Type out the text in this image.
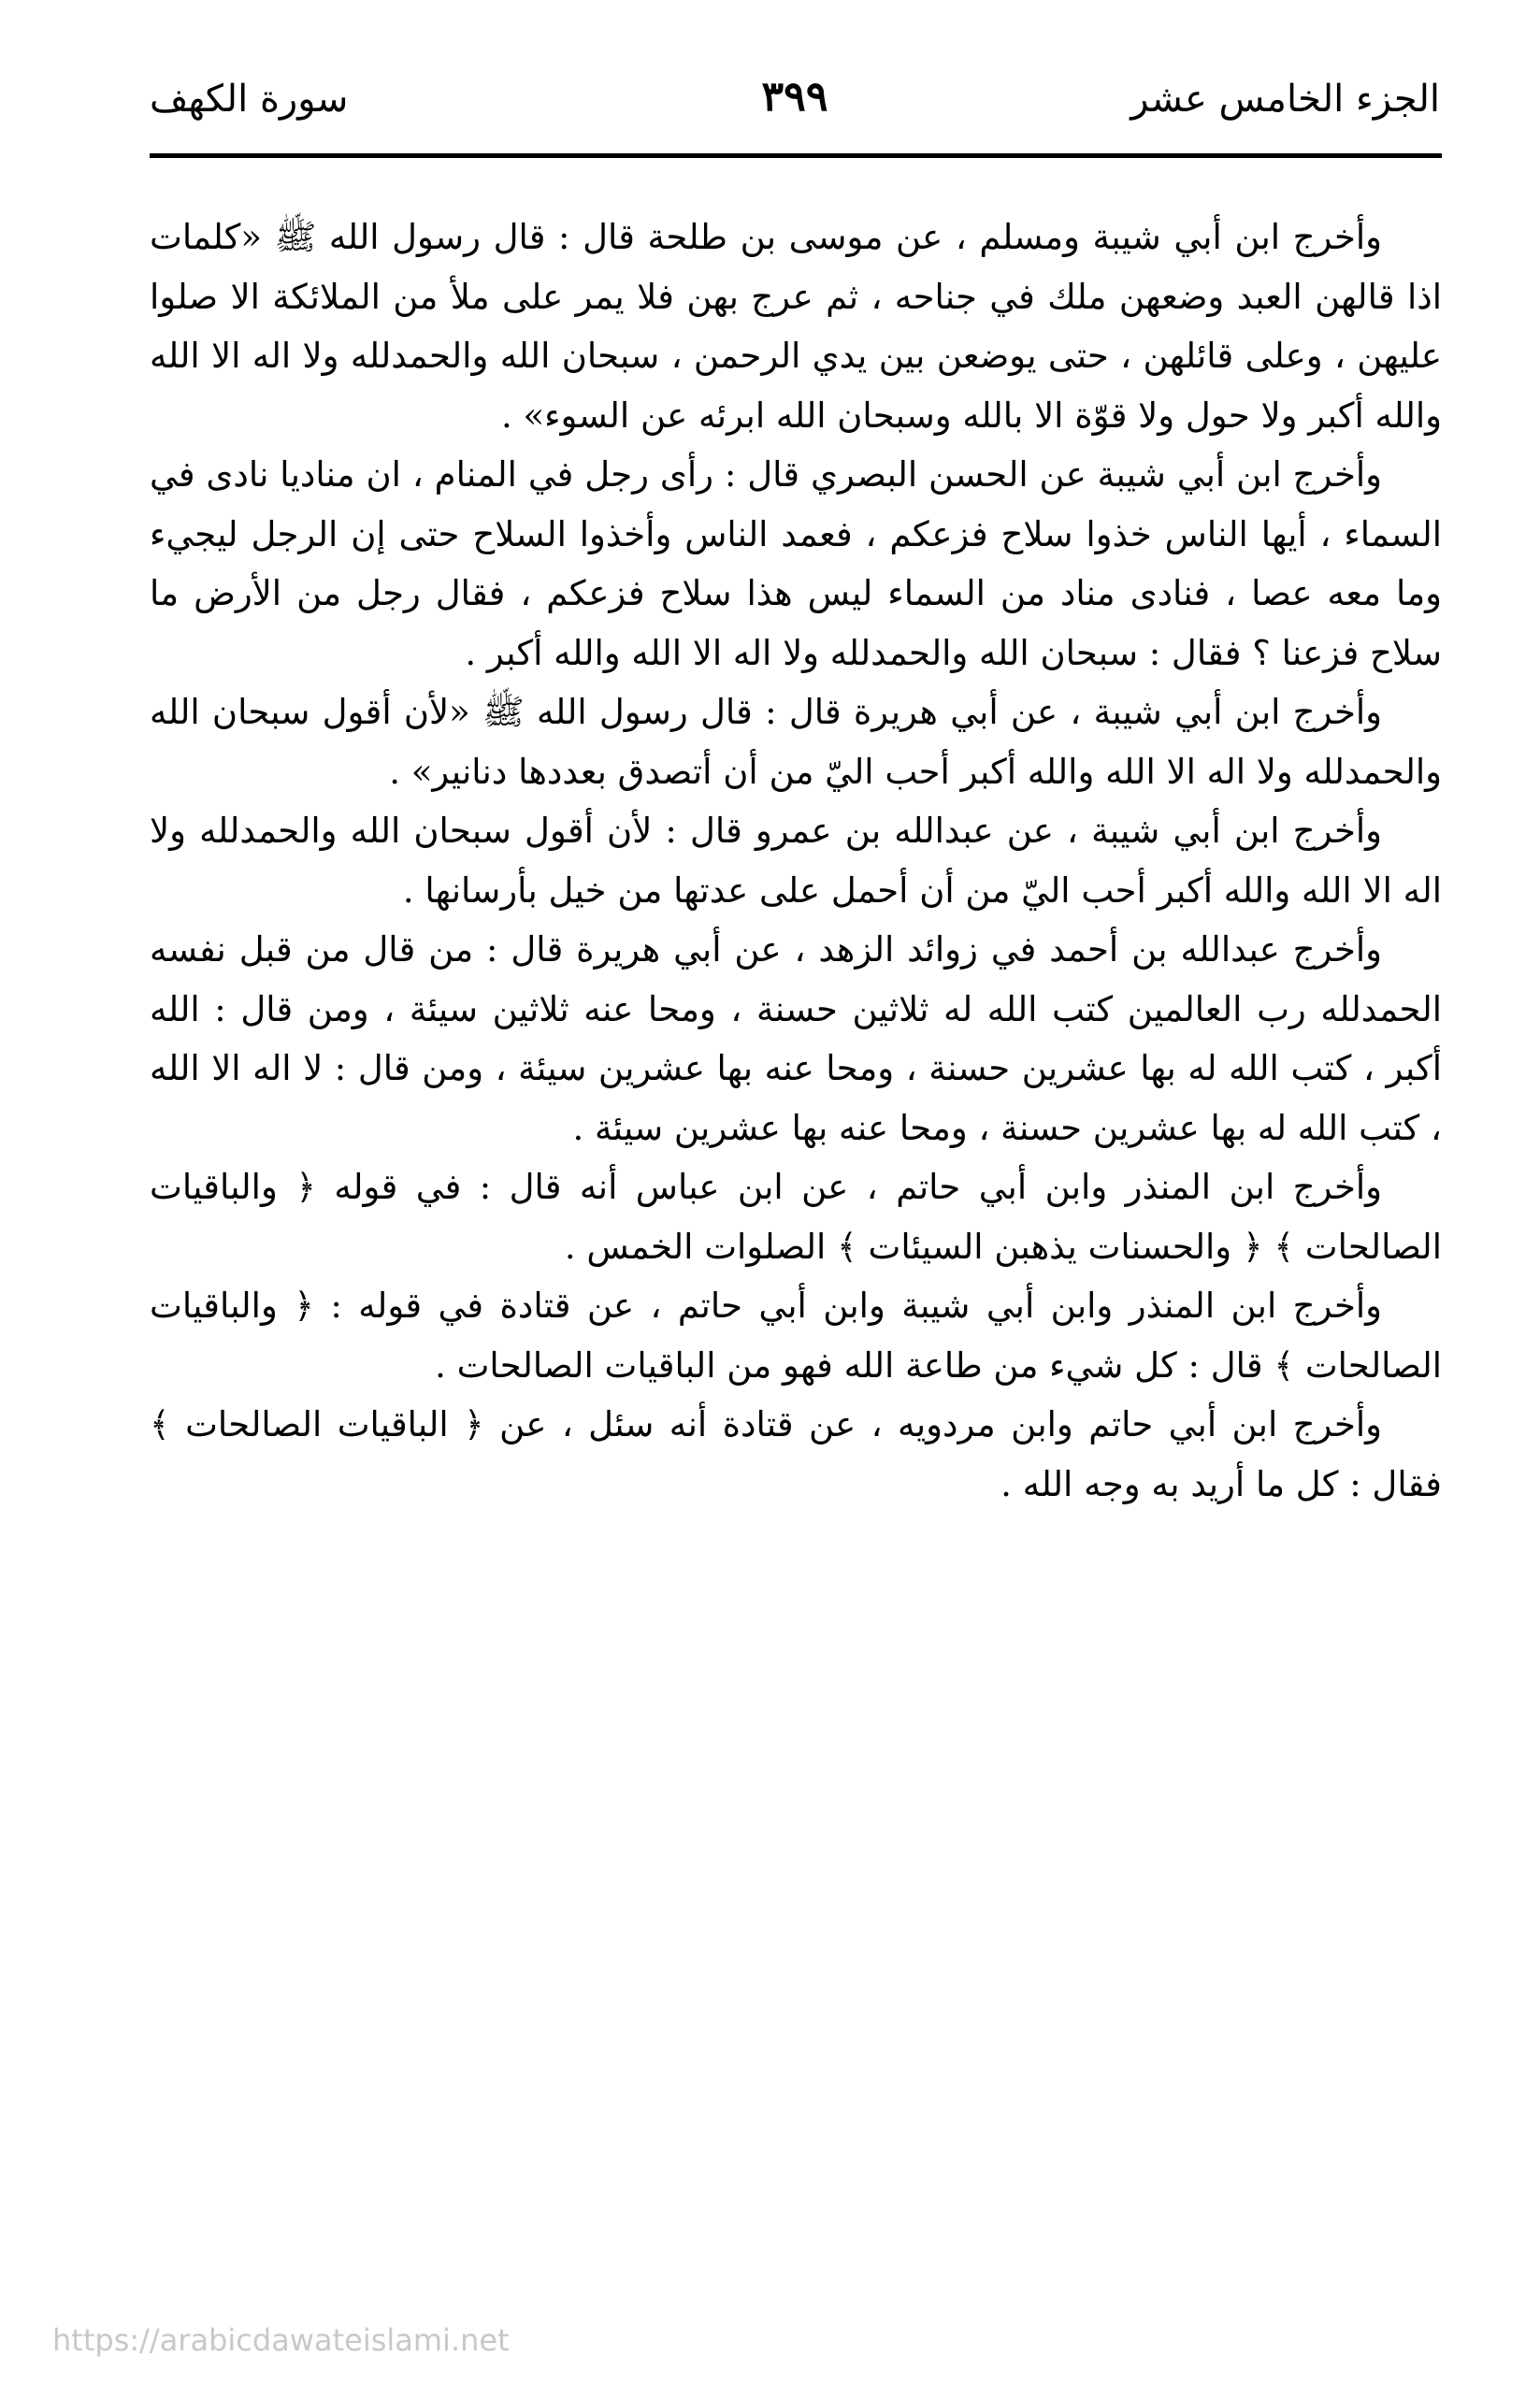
الجزء الخامس عشر
٣٩٩
سورة الكهف

وأخرج ابن أبي شيبة ومسلم ، عن موسى بن طلحة قال : قال رسول الله ﷺ «كلمات اذا قالهن العبد وضعهن ملك في جناحه ، ثم عرج بهن فلا يمر على ملأ من الملائكة الا صلوا عليهن ، وعلى قائلهن ، حتى يوضعن بين يدي الرحمن ، سبحان الله والحمدلله ولا اله الا الله والله أكبر ولا حول ولا قوّة الا بالله وسبحان الله ابرئه عن السوء» .

وأخرج ابن أبي شيبة عن الحسن البصري قال : رأى رجل في المنام ، ان مناديا نادى في السماء ، أيها الناس خذوا سلاح فزعكم ، فعمد الناس وأخذوا السلاح حتى إن الرجل ليجيء وما معه عصا ، فنادى مناد من السماء ليس هذا سلاح فزعكم ، فقال رجل من الأرض ما سلاح فزعنا ؟ فقال : سبحان الله والحمدلله ولا اله الا الله والله أكبر .

وأخرج ابن أبي شيبة ، عن أبي هريرة قال : قال رسول الله ﷺ «لأن أقول سبحان الله والحمدلله ولا اله الا الله والله أكبر أحب اليّ من أن أتصدق بعددها دنانير» .

وأخرج ابن أبي شيبة ، عن عبدالله بن عمرو قال : لأن أقول سبحان الله والحمدلله ولا اله الا الله والله أكبر أحب اليّ من أن أحمل على عدتها من خيل بأرسانها .

وأخرج عبدالله بن أحمد في زوائد الزهد ، عن أبي هريرة قال : من قال من قبل نفسه الحمدلله رب العالمين كتب الله له ثلاثين حسنة ، ومحا عنه ثلاثين سيئة ، ومن قال : الله أكبر ، كتب الله له بها عشرين حسنة ، ومحا عنه بها عشرين سيئة ، ومن قال : لا اله الا الله ، كتب الله له بها عشرين حسنة ، ومحا عنه بها عشرين سيئة .

وأخرج ابن المنذر وابن أبي حاتم ، عن ابن عباس أنه قال : في قوله ﴿ والباقيات الصالحات ﴾ ﴿ والحسنات يذهبن السيئات ﴾ الصلوات الخمس .

وأخرج ابن المنذر وابن أبي شيبة وابن أبي حاتم ، عن قتادة في قوله : ﴿ والباقيات الصالحات ﴾ قال : كل شيء من طاعة الله فهو من الباقيات الصالحات .

وأخرج ابن أبي حاتم وابن مردويه ، عن قتادة أنه سئل ، عن ﴿ الباقيات الصالحات ﴾ فقال : كل ما أريد به وجه الله .

https://arabicdawateislami.net
